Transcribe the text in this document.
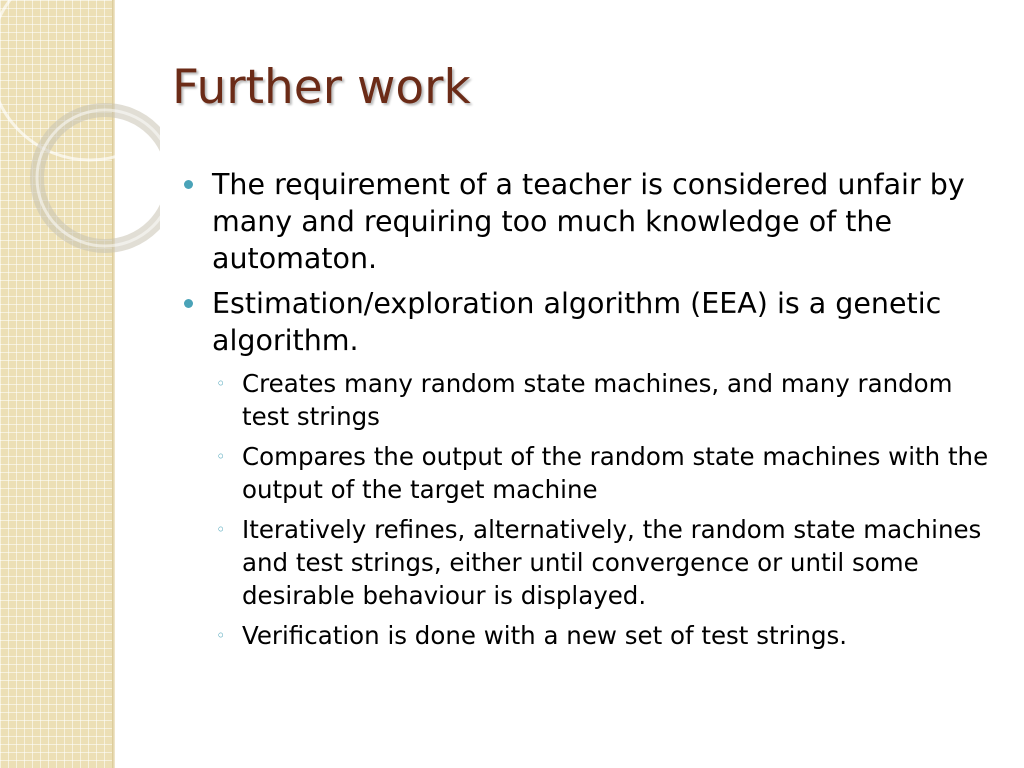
Further work
The requirement of a teacher is considered unfair by many and requiring too much knowledge of the automaton.
Estimation/exploration algorithm (EEA) is a genetic algorithm.
◦ Creates many random state machines, and many random test strings
◦ Compares the output of the random state machines with the output of the target machine
◦ Iteratively refines, alternatively, the random state machines and test strings, either until convergence or until some desirable behaviour is displayed.
◦ Verification is done with a new set of test strings.
